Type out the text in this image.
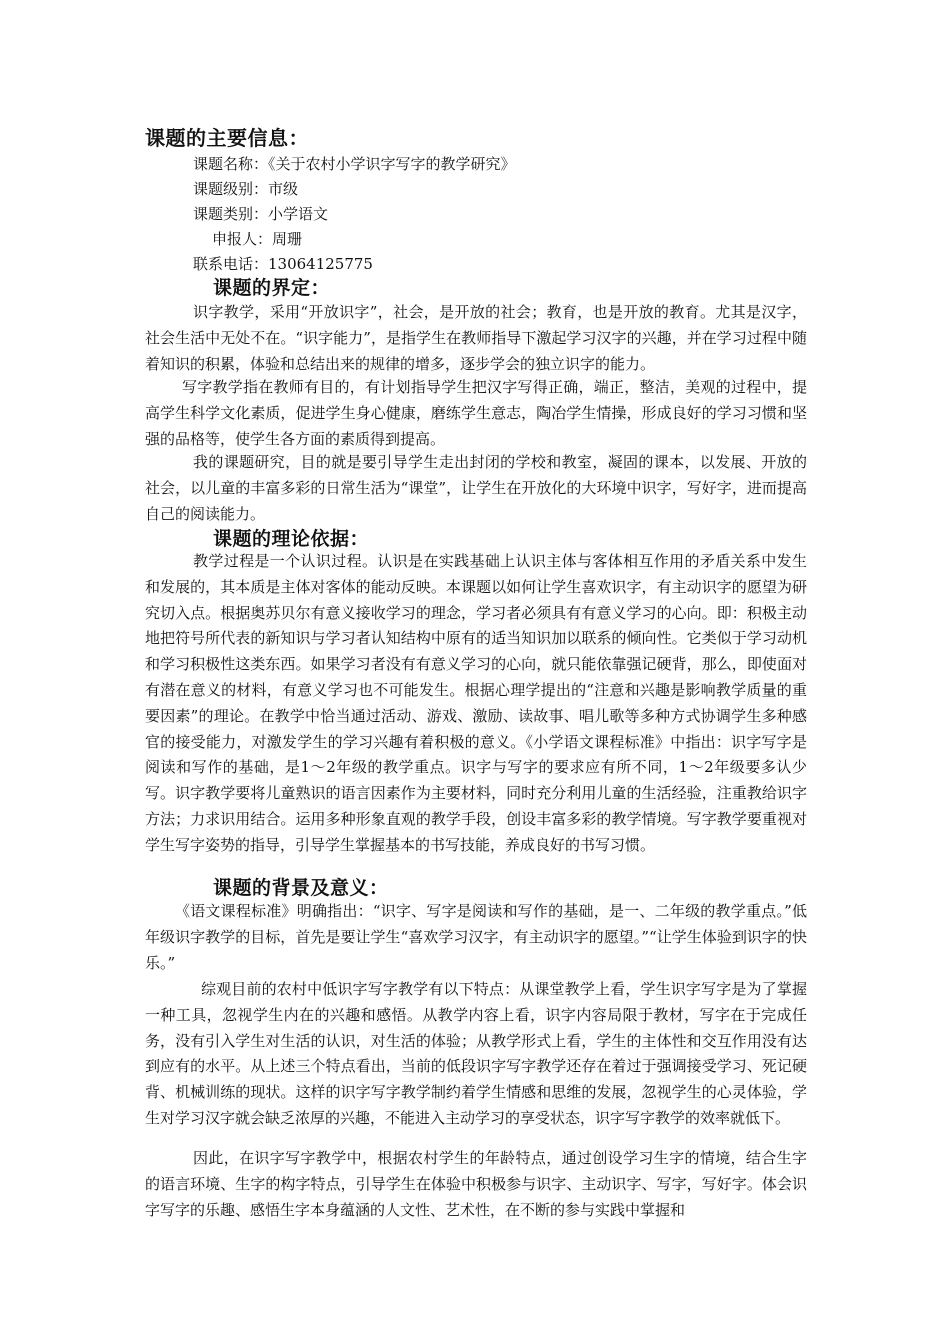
课题的主要信息：
课题名称：《关于农村小学识字写字的教学研究》
课题级别：市级
课题类别：小学语文
申报人：周珊
联系电话：13064125775
课题的界定：
识字教学，采用“开放识字”，社会，是开放的社会；教育，也是开放的教育。尤其是汉字，社会生活中无处不在。“识字能力”，是指学生在教师指导下激起学习汉字的兴趣，并在学习过程中随着知识的积累，体验和总结出来的规律的增多，逐步学会的独立识字的能力。
写字教学指在教师有目的，有计划指导学生把汉字写得正确，端正，整洁，美观的过程中，提高学生科学文化素质，促进学生身心健康，磨练学生意志，陶冶学生情操，形成良好的学习习惯和坚强的品格等，使学生各方面的素质得到提高。
我的课题研究，目的就是要引导学生走出封闭的学校和教室，凝固的课本，以发展、开放的社会，以儿童的丰富多彩的日常生活为“课堂”，让学生在开放化的大环境中识字，写好字，进而提高自己的阅读能力。
课题的理论依据：
教学过程是一个认识过程。认识是在实践基础上认识主体与客体相互作用的矛盾关系中发生和发展的，其本质是主体对客体的能动反映。本课题以如何让学生喜欢识字，有主动识字的愿望为研究切入点。根据奥苏贝尔有意义接收学习的理念，学习者必须具有有意义学习的心向。即：积极主动地把符号所代表的新知识与学习者认知结构中原有的适当知识加以联系的倾向性。它类似于学习动机和学习积极性这类东西。如果学习者没有有意义学习的心向，就只能依靠强记硬背，那么，即使面对有潜在意义的材料，有意义学习也不可能发生。根据心理学提出的“注意和兴趣是影响教学质量的重要因素”的理论。在教学中恰当通过活动、游戏、激励、读故事、唱儿歌等多种方式协调学生多种感官的接受能力，对激发学生的学习兴趣有着积极的意义。《小学语文课程标准》中指出：识字写字是阅读和写作的基础，是1～2年级的教学重点。识字与写字的要求应有所不同，1～2年级要多认少写。识字教学要将儿童熟识的语言因素作为主要材料，同时充分利用儿童的生活经验，注重教给识字方法；力求识用结合。运用多种形象直观的教学手段，创设丰富多彩的教学情境。写字教学要重视对学生写字姿势的指导，引导学生掌握基本的书写技能，养成良好的书写习惯。
课题的背景及意义：
《语文课程标准》明确指出：“识字、写字是阅读和写作的基础，是一、二年级的教学重点。”低年级识字教学的目标，首先是要让学生“喜欢学习汉字，有主动识字的愿望。”“让学生体验到识字的快乐。”
综观目前的农村中低识字写字教学有以下特点：从课堂教学上看，学生识字写字是为了掌握一种工具，忽视学生内在的兴趣和感悟。从教学内容上看，识字内容局限于教材，写字在于完成任务，没有引入学生对生活的认识，对生活的体验；从教学形式上看，学生的主体性和交互作用没有达到应有的水平。从上述三个特点看出，当前的低段识字写字教学还存在着过于强调接受学习、死记硬背、机械训练的现状。这样的识字写字教学制约着学生情感和思维的发展，忽视学生的心灵体验，学生对学习汉字就会缺乏浓厚的兴趣，不能进入主动学习的享受状态，识字写字教学的效率就低下。
因此，在识字写字教学中，根据农村学生的年龄特点，通过创设学习生字的情境，结合生字的语言环境、生字的构字特点，引导学生在体验中积极参与识字、主动识字、写字，写好字。体会识字写字的乐趣、感悟生字本身蕴涵的人文性、艺术性，在不断的参与实践中掌握和
